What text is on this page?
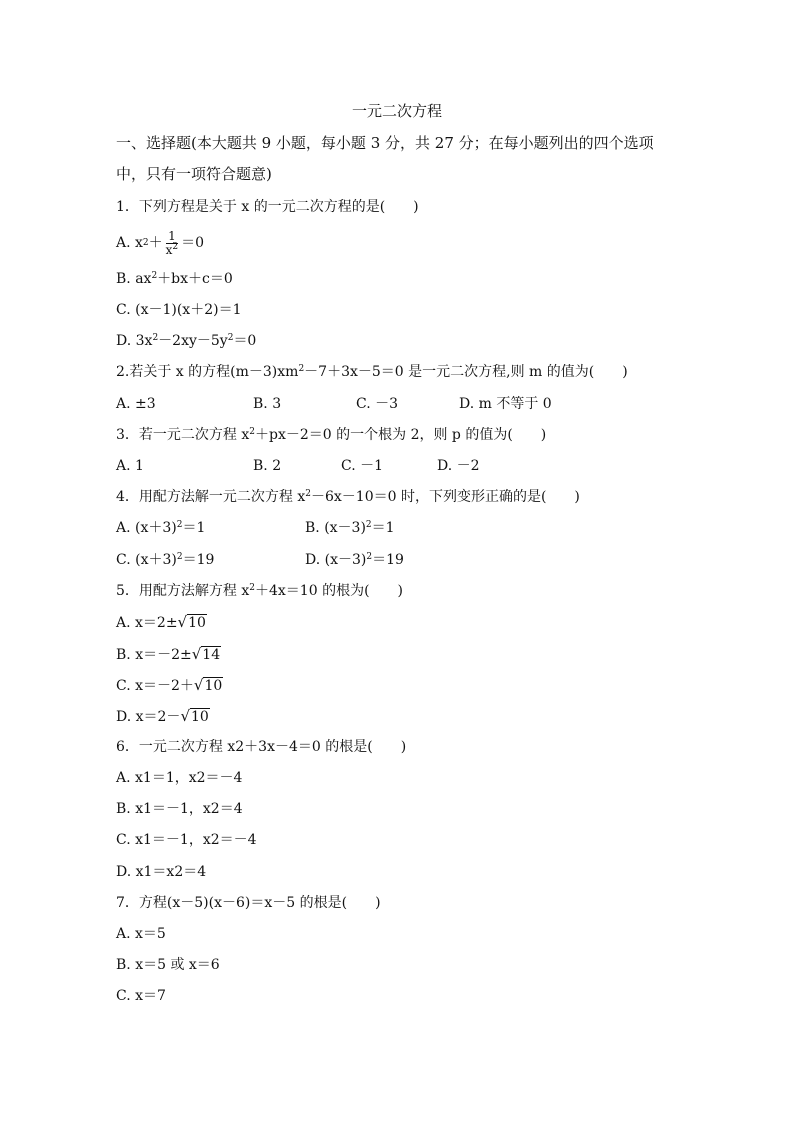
一元二次方程
一、选择题(本大题共 9 小题，每小题 3 分，共 27 分；在每小题列出的四个选项
中，只有一项符合题意)
1．下列方程是关于 x 的一元二次方程的是(　　)
A. x $2 + \frac{1}{x^2} =0$
B. $ax^2+bx+c=0$
C. (x－1)(x＋2)＝1
D. $3x^2-2xy-5y^2=0$
2.若关于 x 的方程$(m-3)xm^2-7+3x-5=0$ 是一元二次方程,则 m 的值为(　　)
A. ±3	B. 3	C. －3	D. m 不等于 0
3．若一元二次方程 $x^2+px-2=0$ 的一个根为 2，则 p 的值为(　　)
A. 1	B. 2	C. －1	D. －2
4．用配方法解一元二次方程 $x^2-6x-10=0$ 时，下列变形正确的是(　　)
A. $(x+3)^2=1$	B. $(x-3)^2=1$
C. $(x+3)^2=19$	D. $(x-3)^2=19$
5．用配方法解方程 $x^2+4x=10$ 的根为(　　)
A. x＝2±√10
B. x＝－2±√14
C. x＝－2＋√10
D. x＝2－√10
6．一元二次方程 x2＋3x－4＝0 的根是(　　)
A. x1＝1，x2＝－4
B. x1＝－1，x2＝4
C. x1＝－1，x2＝－4
D. x1＝x2＝4
7．方程(x－5)(x－6)＝x－5 的根是(　　)
A. x＝5
B. x＝5 或 x＝6
C. x＝7
